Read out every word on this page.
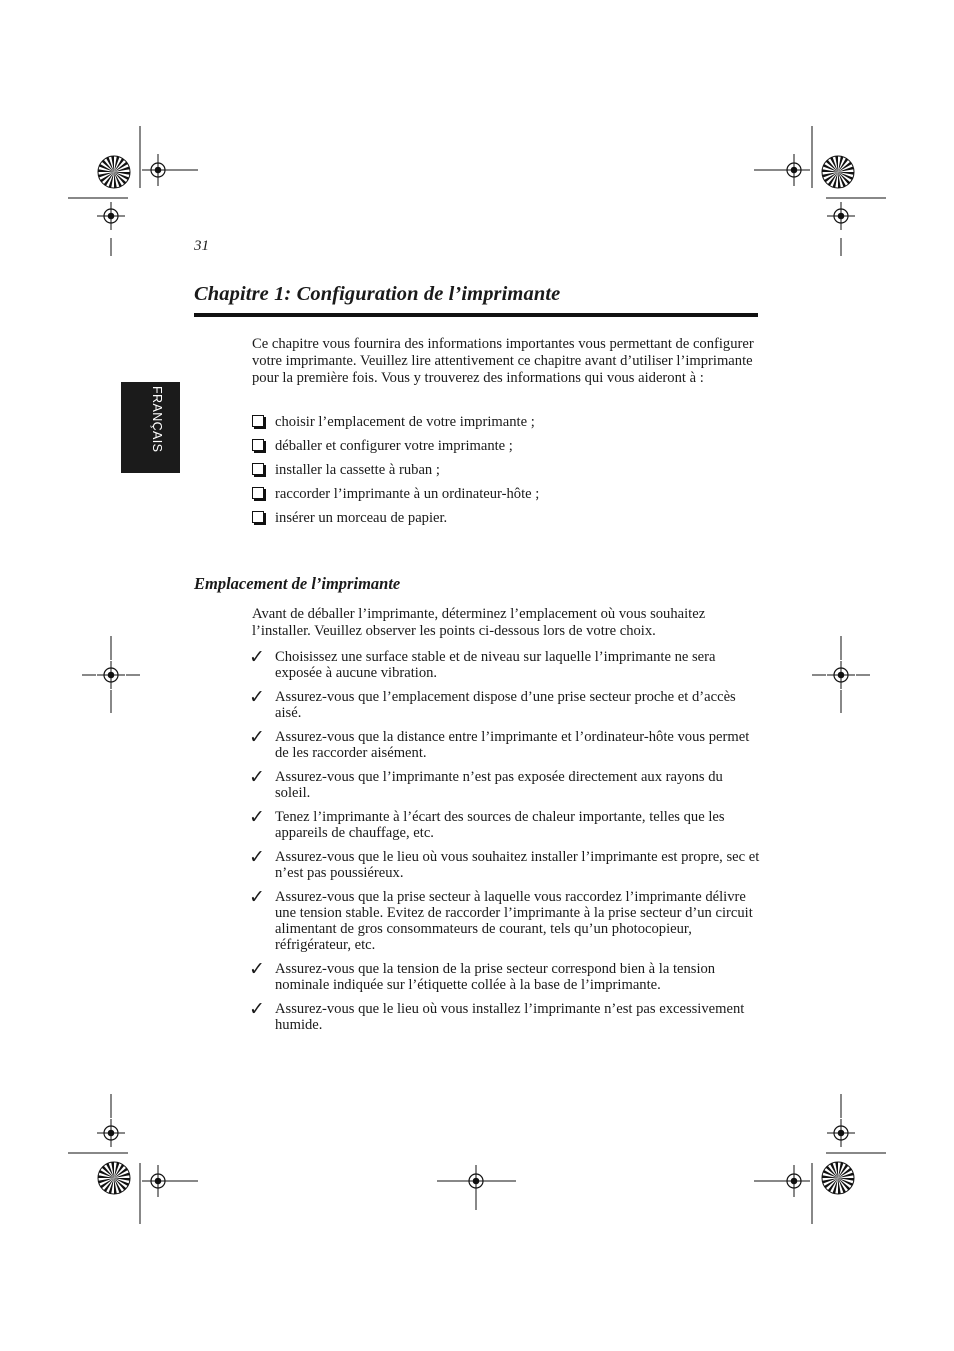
31
Chapitre 1: Configuration de l’imprimante
FRANÇAIS

Ce chapitre vous fournira des informations importantes vous permettant de configurer votre imprimante. Veuillez lire attentivement ce chapitre avant d’utiliser l’imprimante pour la première fois. Vous y trouverez des informations qui vous aideront à :

choisir l’emplacement de votre imprimante ;
déballer et configurer votre imprimante ;
installer la cassette à ruban ;
raccorder l’imprimante à un ordinateur-hôte ;
insérer un morceau de papier.
Emplacement de l’imprimante

Avant de déballer l’imprimante, déterminez l’emplacement où vous souhaitez l’installer. Veuillez observer les points ci-dessous lors de votre choix.

✓ Choisissez une surface stable et de niveau sur laquelle l’imprimante ne sera exposée à aucune vibration.
✓ Assurez-vous que l’emplacement dispose d’une prise secteur proche et d’accès aisé.
✓ Assurez-vous que la distance entre l’imprimante et l’ordinateur-hôte vous permet de les raccorder aisément.
✓ Assurez-vous que l’imprimante n’est pas exposée directement aux rayons du soleil.
✓ Tenez l’imprimante à l’écart des sources de chaleur importante, telles que les appareils de chauffage, etc.
✓ Assurez-vous que le lieu où vous souhaitez installer l’imprimante est propre, sec et n’est pas poussiéreux.
✓ Assurez-vous que la prise secteur à laquelle vous raccordez l’imprimante délivre une tension stable. Evitez de raccorder l’imprimante à la prise secteur d’un circuit alimentant de gros consommateurs de courant, tels qu’un photocopieur, réfrigérateur, etc.
✓ Assurez-vous que la tension de la prise secteur correspond bien à la tension nominale indiquée sur l’étiquette collée à la base de l’imprimante.
✓ Assurez-vous que le lieu où vous installez l’imprimante n’est pas excessivement humide.
